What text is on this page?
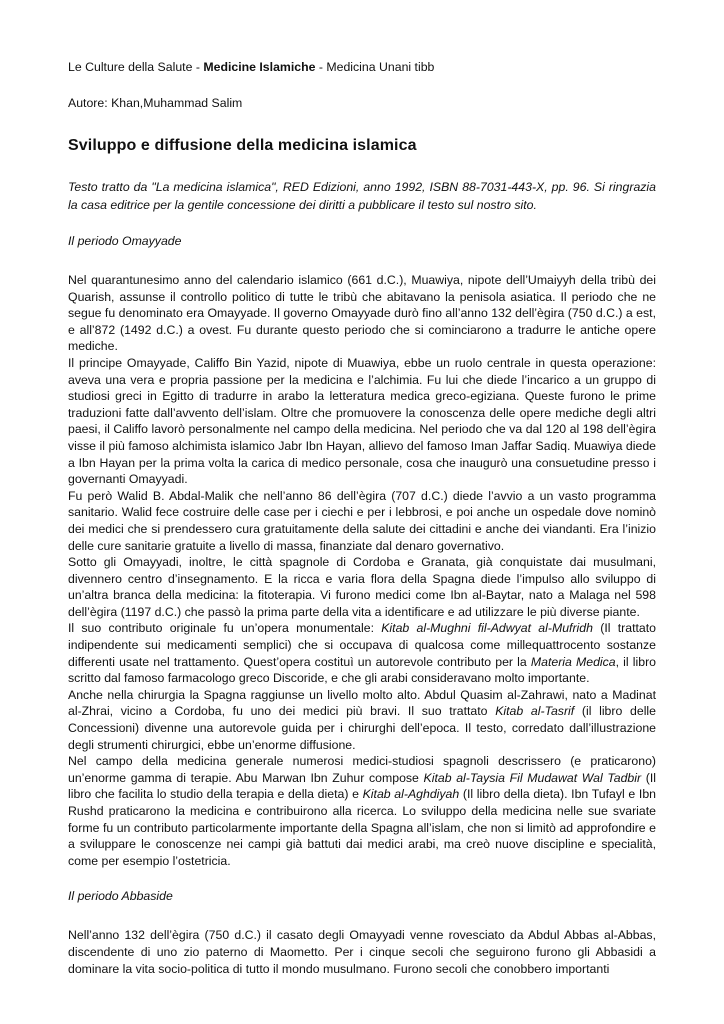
Le Culture della Salute - Medicine Islamiche - Medicina Unani tibb

Autore: Khan,Muhammad Salim

Sviluppo e diffusione della medicina islamica

Testo tratto da "La medicina islamica", RED Edizioni, anno 1992, ISBN 88-7031-443-X, pp. 96. Si ringrazia la casa editrice per la gentile concessione dei diritti a pubblicare il testo sul nostro sito.

Il periodo Omayyade

Nel quarantunesimo anno del calendario islamico (661 d.C.), Muawiya, nipote dell’Umaiyyh della tribù dei Quarish, assunse il controllo politico di tutte le tribù che abitavano la penisola asiatica. Il periodo che ne segue fu denominato era Omayyade. Il governo Omayyade durò fino all’anno 132 dell’ègira (750 d.C.) a est, e all’872 (1492 d.C.) a ovest. Fu durante questo periodo che si cominciarono a tradurre le antiche opere mediche.

Il principe Omayyade, Califfo Bin Yazid, nipote di Muawiya, ebbe un ruolo centrale in questa operazione: aveva una vera e propria passione per la medicina e l’alchimia. Fu lui che diede l’incarico a un gruppo di studiosi greci in Egitto di tradurre in arabo la letteratura medica greco-egiziana. Queste furono le prime traduzioni fatte dall’avvento dell’islam. Oltre che promuovere la conoscenza delle opere mediche degli altri paesi, il Califfo lavorò personalmente nel campo della medicina. Nel periodo che va dal 120 al 198 dell’ègira visse il più famoso alchimista islamico Jabr Ibn Hayan, allievo del famoso Iman Jaffar Sadiq. Muawiya diede a Ibn Hayan per la prima volta la carica di medico personale, cosa che inaugurò una consuetudine presso i governanti Omayyadi.

Fu però Walid B. Abdal-Malik che nell’anno 86 dell’ègira (707 d.C.) diede l’avvio a un vasto programma sanitario. Walid fece costruire delle case per i ciechi e per i lebbrosi, e poi anche un ospedale dove nominò dei medici che si prendessero cura gratuitamente della salute dei cittadini e anche dei viandanti. Era l’inizio delle cure sanitarie gratuite a livello di massa, finanziate dal denaro governativo.

Sotto gli Omayyadi, inoltre, le città spagnole di Cordoba e Granata, già conquistate dai musulmani, divennero centro d’insegnamento. E la ricca e varia flora della Spagna diede l’impulso allo sviluppo di un’altra branca della medicina: la fitoterapia. Vi furono medici come Ibn al-Baytar, nato a Malaga nel 598 dell’ègira (1197 d.C.) che passò la prima parte della vita a identificare e ad utilizzare le più diverse piante.

Il suo contributo originale fu un’opera monumentale: Kitab al-Mughni fil-Adwyat al-Mufridh (Il trattato indipendente sui medicamenti semplici) che si occupava di qualcosa come millequattrocento sostanze differenti usate nel trattamento. Quest’opera costituì un autorevole contributo per la Materia Medica, il libro scritto dal famoso farmacologo greco Discoride, e che gli arabi consideravano molto importante.

Anche nella chirurgia la Spagna raggiunse un livello molto alto. Abdul Quasim al-Zahrawi, nato a Madinat al-Zhrai, vicino a Cordoba, fu uno dei medici più bravi. Il suo trattato Kitab al-Tasrif (il libro delle Concessioni) divenne una autorevole guida per i chirurghi dell’epoca. Il testo, corredato dall’illustrazione degli strumenti chirurgici, ebbe un’enorme diffusione.

Nel campo della medicina generale numerosi medici-studiosi spagnoli descrissero (e praticarono) un’enorme gamma di terapie. Abu Marwan Ibn Zuhur compose Kitab al-Taysia Fil Mudawat Wal Tadbir (Il libro che facilita lo studio della terapia e della dieta) e Kitab al-Aghdiyah (Il libro della dieta). Ibn Tufayl e Ibn Rushd praticarono la medicina e contribuirono alla ricerca. Lo sviluppo della medicina nelle sue svariate forme fu un contributo particolarmente importante della Spagna all’islam, che non si limitò ad approfondire e a sviluppare le conoscenze nei campi già battuti dai medici arabi, ma creò nuove discipline e specialità, come per esempio l’ostetricia.

Il periodo Abbaside

Nell’anno 132 dell’ègira (750 d.C.) il casato degli Omayyadi venne rovesciato da Abdul Abbas al-Abbas, discendente di uno zio paterno di Maometto. Per i cinque secoli che seguirono furono gli Abbasidi a dominare la vita socio-politica di tutto il mondo musulmano. Furono secoli che conobbero importanti
